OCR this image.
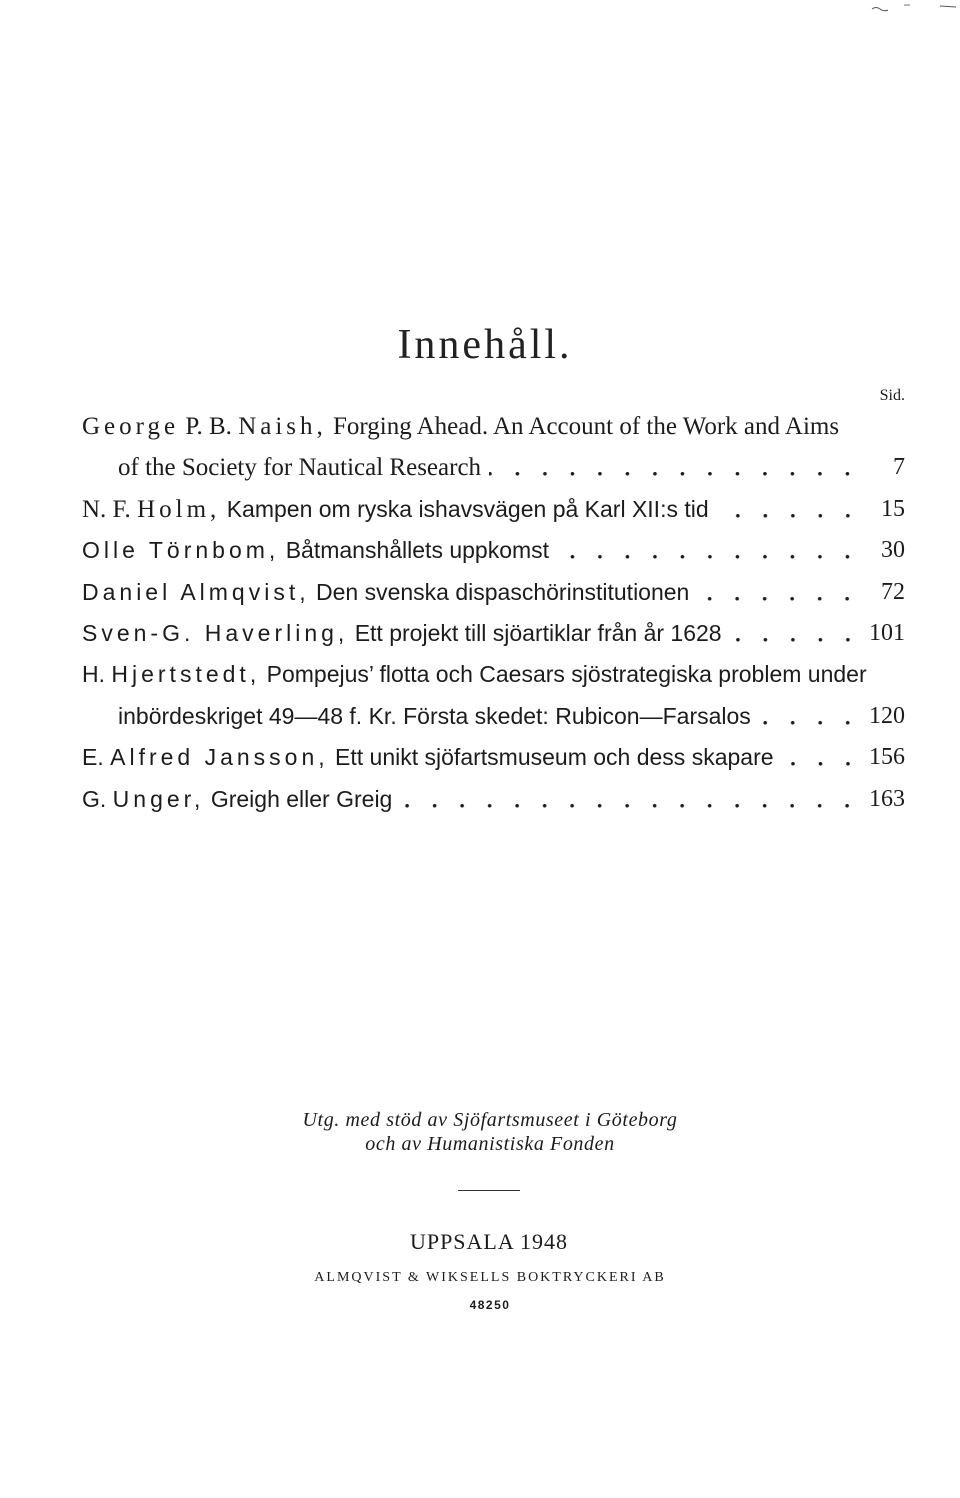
Innehåll.
Sid.
George P. B. Naish, Forging Ahead. An Account of the Work and Aims
of the Society for Nautical Research	7
N. F. Holm, Kampen om ryska ishavsvägen på Karl XII:s tid	15
Olle Törnbom, Båtmanshållets uppkomst	30
Daniel Almqvist, Den svenska dispaschörinstitutionen	72
Sven-G. Haverling, Ett projekt till sjöartiklar från år 1628	101
H. Hjertstedt, Pompejus’ flotta och Caesars sjöstrategiska problem under
inbördeskriget 49—48 f. Kr. Första skedet: Rubicon—Farsalos	120
E. Alfred Jansson, Ett unikt sjöfartsmuseum och dess skapare	156
G. Unger, Greigh eller Greig	163
Utg. med stöd av Sjöfartsmuseet i Göteborg
och av Humanistiska Fonden
UPPSALA 1948
ALMQVIST & WIKSELLS BOKTRYCKERI AB
48250
